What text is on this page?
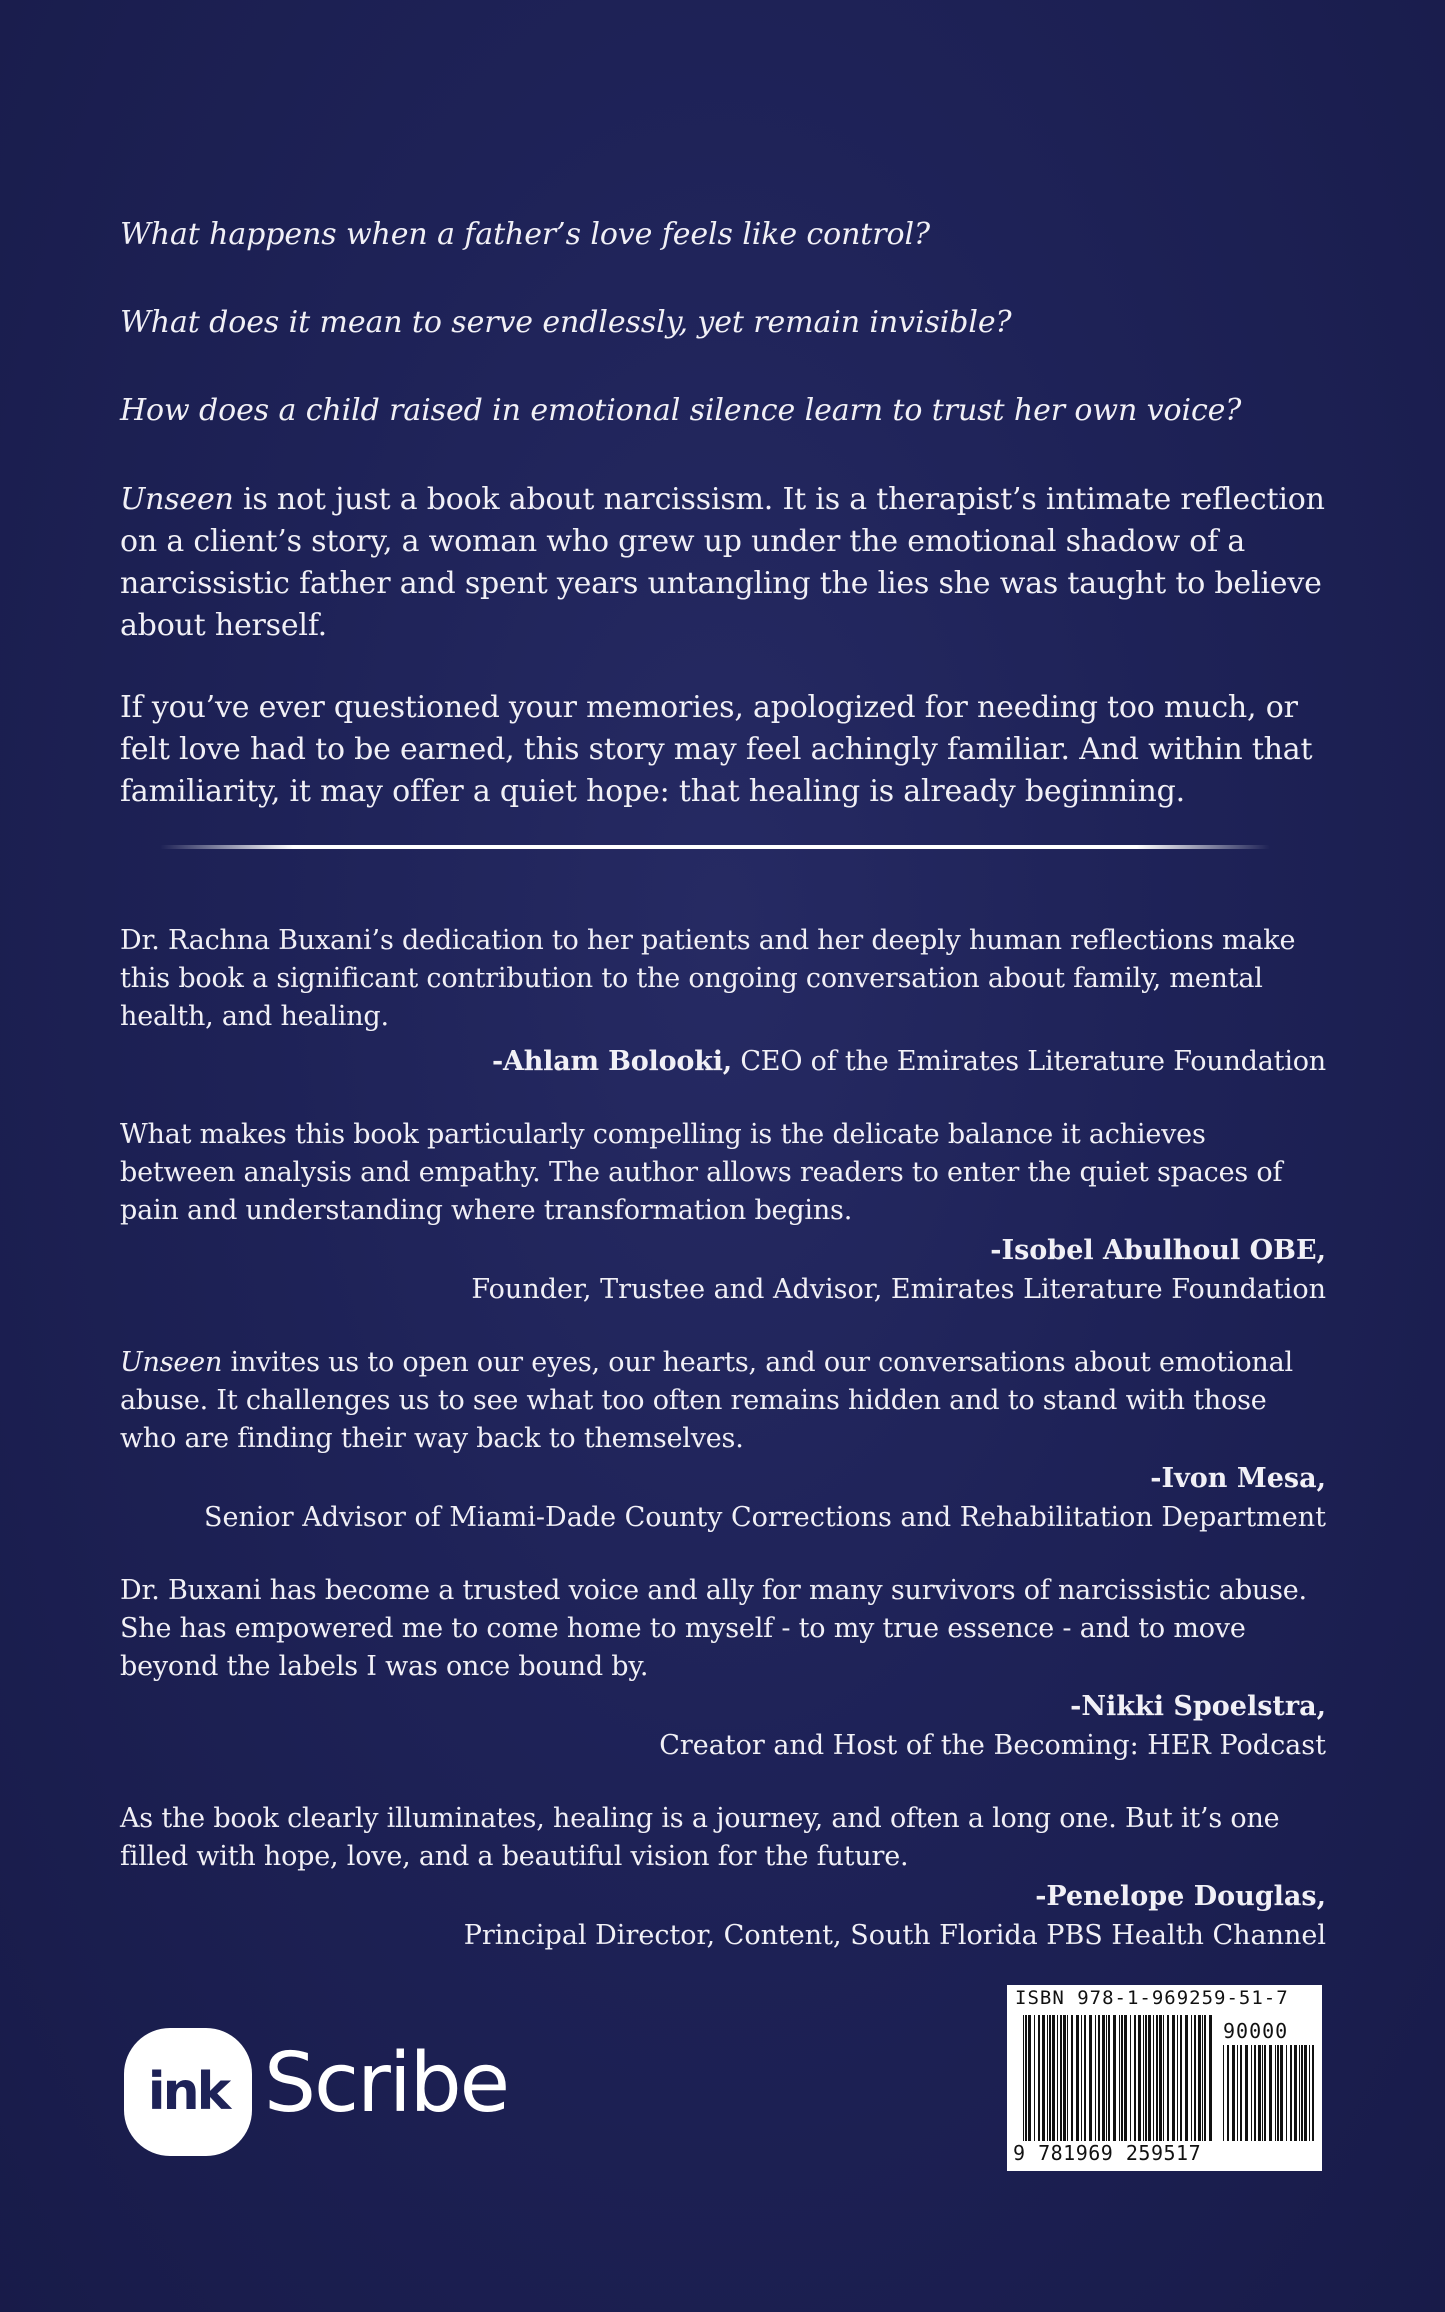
What happens when a father’s love feels like control?

What does it mean to serve endlessly, yet remain invisible?

How does a child raised in emotional silence learn to trust her own voice?

Unseen is not just a book about narcissism. It is a therapist’s intimate reflection on a client’s story, a woman who grew up under the emotional shadow of a narcissistic father and spent years untangling the lies she was taught to believe about herself.

If you’ve ever questioned your memories, apologized for needing too much, or felt love had to be earned, this story may feel achingly familiar. And within that familiarity, it may offer a quiet hope: that healing is already beginning.

Dr. Rachna Buxani’s dedication to her patients and her deeply human reflections make this book a significant contribution to the ongoing conversation about family, mental health, and healing.

-Ahlam Bolooki, CEO of the Emirates Literature Foundation

What makes this book particularly compelling is the delicate balance it achieves between analysis and empathy. The author allows readers to enter the quiet spaces of pain and understanding where transformation begins.

-Isobel Abulhoul OBE,
Founder, Trustee and Advisor, Emirates Literature Foundation

Unseen invites us to open our eyes, our hearts, and our conversations about emotional abuse. It challenges us to see what too often remains hidden and to stand with those who are finding their way back to themselves.

-Ivon Mesa,
Senior Advisor of Miami-Dade County Corrections and Rehabilitation Department

Dr. Buxani has become a trusted voice and ally for many survivors of narcissistic abuse. She has empowered me to come home to myself - to my true essence - and to move beyond the labels I was once bound by.

-Nikki Spoelstra,
Creator and Host of the Becoming: HER Podcast

As the book clearly illuminates, healing is a journey, and often a long one. But it’s one filled with hope, love, and a beautiful vision for the future.

-Penelope Douglas,
Principal Director, Content, South Florida PBS Health Channel
ink Scribe
ISBN 978-1-969259-51-7
90000
9 781969 259517
